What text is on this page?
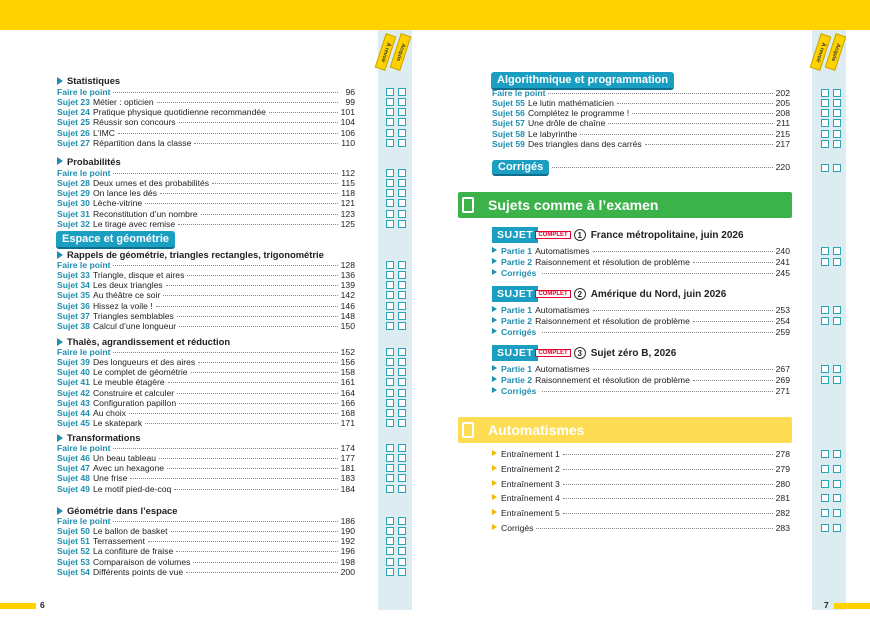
À revoir Acquis	À revoir Acquis
Espace et géométrie
Algorithmique et programmation
Sujets comme à l’examen
Automatismes
6	7
Statistiques
Faire le point	96
Sujet 23 Métier : opticien	99
Sujet 24 Pratique physique quotidienne recommandée	101
Sujet 25 Réussir son concours	104
Sujet 26 L’IMC	106
Sujet 27 Répartition dans la classe	110
Probabilités
Faire le point	112
Sujet 28 Deux urnes et des probabilités	115
Sujet 29 On lance les dés	118
Sujet 30 Lèche-vitrine	121
Sujet 31 Reconstitution d’un nombre	123
Sujet 32 Le tirage avec remise	125
Rappels de géométrie, triangles rectangles, trigonométrie
Faire le point	128
Sujet 33 Triangle, disque et aires	136
Sujet 34 Les deux triangles	139
Sujet 35 Au théâtre ce soir	142
Sujet 36 Hissez la voile !	146
Sujet 37 Triangles semblables	148
Sujet 38 Calcul d’une longueur	150
Thalès, agrandissement et réduction
Faire le point	152
Sujet 39 Des longueurs et des aires	156
Sujet 40 Le complet de géométrie	158
Sujet 41 Le meuble étagère	161
Sujet 42 Construire et calculer	164
Sujet 43 Configuration papillon	166
Sujet 44 Au choix	168
Sujet 45 Le skatepark	171
Transformations
Faire le point	174
Sujet 46 Un beau tableau	177
Sujet 47 Avec un hexagone	181
Sujet 48 Une frise	183
Sujet 49 Le motif pied-de-coq	184
Géométrie dans l’espace
Faire le point	186
Sujet 50 Le ballon de basket	190
Sujet 51 Terrassement	192
Sujet 52 La confiture de fraise	196
Sujet 53 Comparaison de volumes	198
Sujet 54 Différents points de vue	200
Faire le point	202
Sujet 55 Le lutin mathématicien	205
Sujet 56 Complétez le programme !	208
Sujet 57 Une drôle de chaîne	211
Sujet 58 Le labyrinthe	215
Sujet 59 Des triangles dans des carrés	217
Corrigés	220
SUJET COMPLET	1 France métropolitaine, juin 2026
Partie 1 Automatismes	240
Partie 2 Raisonnement et résolution de problème	241
Corrigés	245
SUJET COMPLET	2 Amérique du Nord, juin 2026
Partie 1 Automatismes	253
Partie 2 Raisonnement et résolution de problème	254
Corrigés	259
SUJET COMPLET	3 Sujet zéro B, 2026
Partie 1 Automatismes	267
Partie 2 Raisonnement et résolution de problème	269
Corrigés	271
Entraînement 1	278
Entraînement 2	279
Entraînement 3	280
Entraînement 4	281
Entraînement 5	282
Corrigés	283
